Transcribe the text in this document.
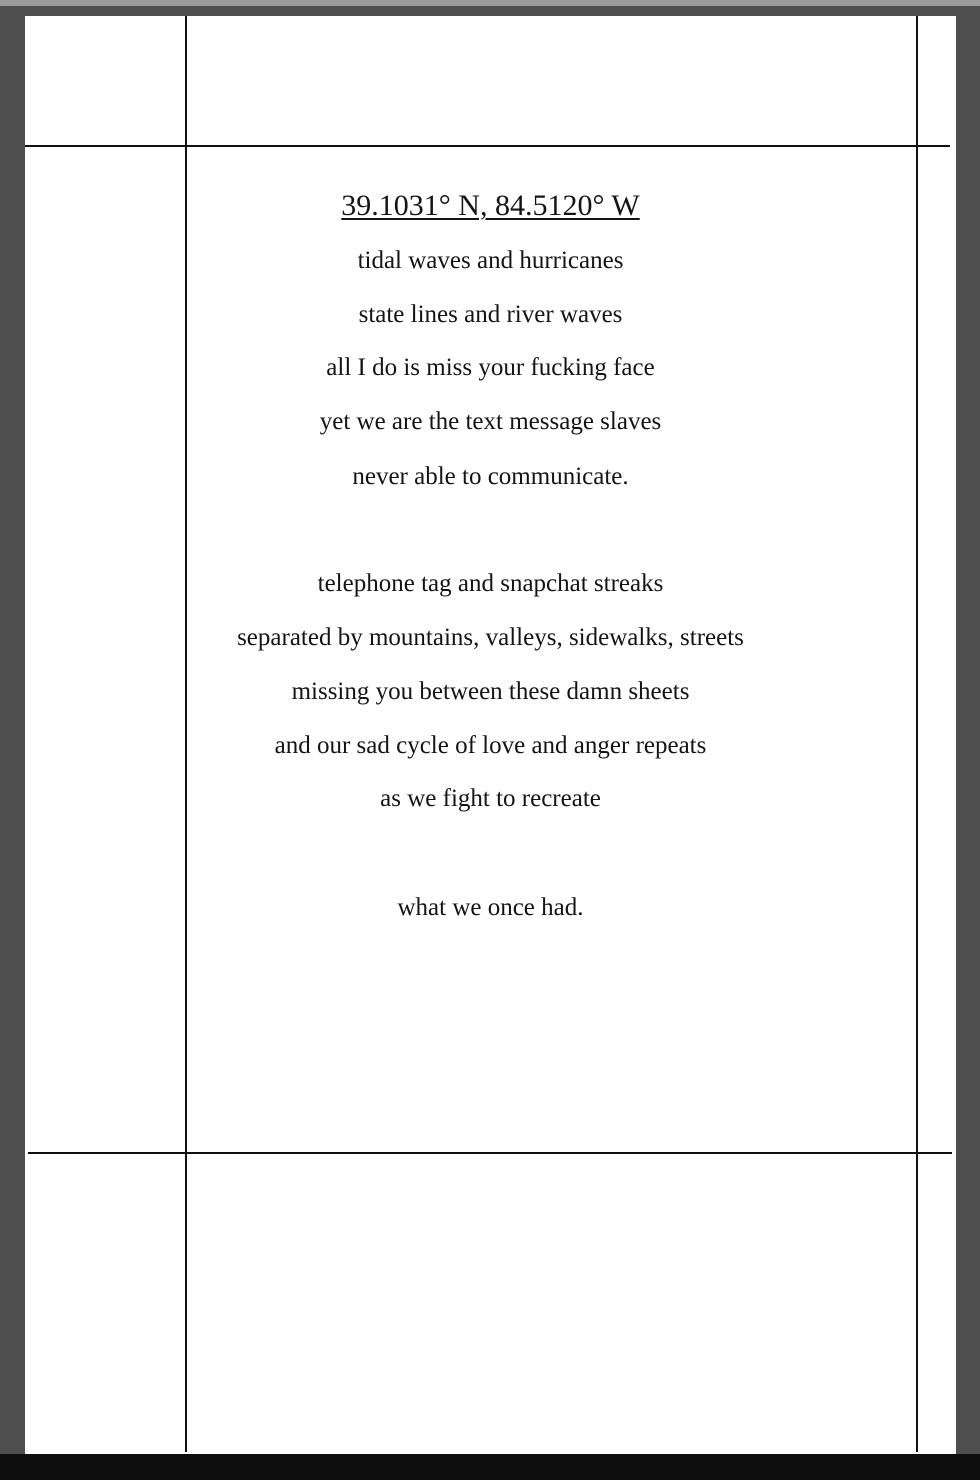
39.1031° N, 84.5120° W
tidal waves and hurricanes
state lines and river waves
all I do is miss your fucking face
yet we are the text message slaves
never able to communicate.
telephone tag and snapchat streaks
separated by mountains, valleys, sidewalks, streets
missing you between these damn sheets
and our sad cycle of love and anger repeats
as we fight to recreate
what we once had.
